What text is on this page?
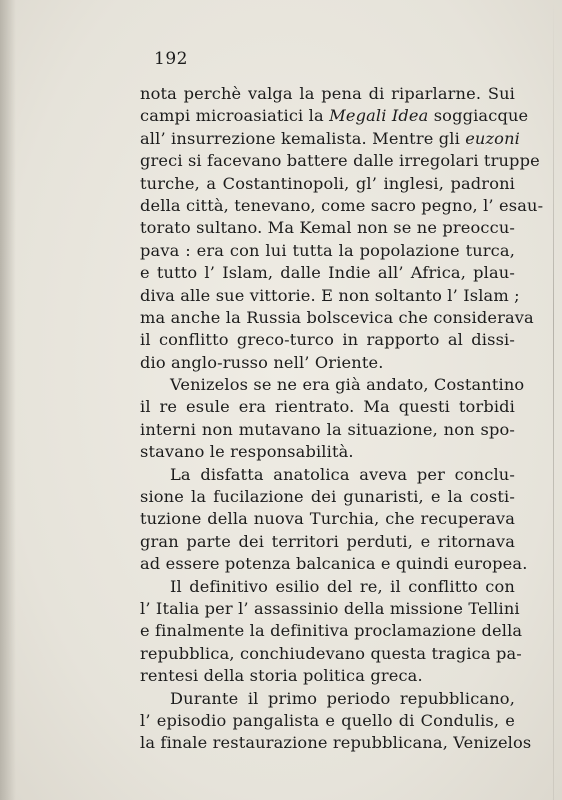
192
nota perchè valga la pena di riparlarne. Sui
campi microasiatici la Megali Idea soggiacque
all’ insurrezione kemalista. Mentre gli euzoni
greci si facevano battere dalle irregolari truppe
turche, a Costantinopoli, gl’ inglesi, padroni
della città, tenevano, come sacro pegno, l’ esau-
torato sultano. Ma Kemal non se ne preoccu-
pava : era con lui tutta la popolazione turca,
e tutto l’ Islam, dalle Indie all’ Africa, plau-
diva alle sue vittorie. E non soltanto l’ Islam ;
ma anche la Russia bolscevica che considerava
il conflitto greco-turco in rapporto al dissi-
dio anglo-russo nell’ Oriente.
Venizelos se ne era già andato, Costantino
il re esule era rientrato. Ma questi torbidi
interni non mutavano la situazione, non spo-
stavano le responsabilità.
La disfatta anatolica aveva per conclu-
sione la fucilazione dei gunaristi, e la costi-
tuzione della nuova Turchia, che recuperava
gran parte dei territori perduti, e ritornava
ad essere potenza balcanica e quindi europea.
Il definitivo esilio del re, il conflitto con
l’ Italia per l’ assassinio della missione Tellini
e finalmente la definitiva proclamazione della
repubblica, conchiudevano questa tragica pa-
rentesi della storia politica greca.
Durante il primo periodo repubblicano,
l’ episodio pangalista e quello di Condulis, e
la finale restaurazione repubblicana, Venizelos
